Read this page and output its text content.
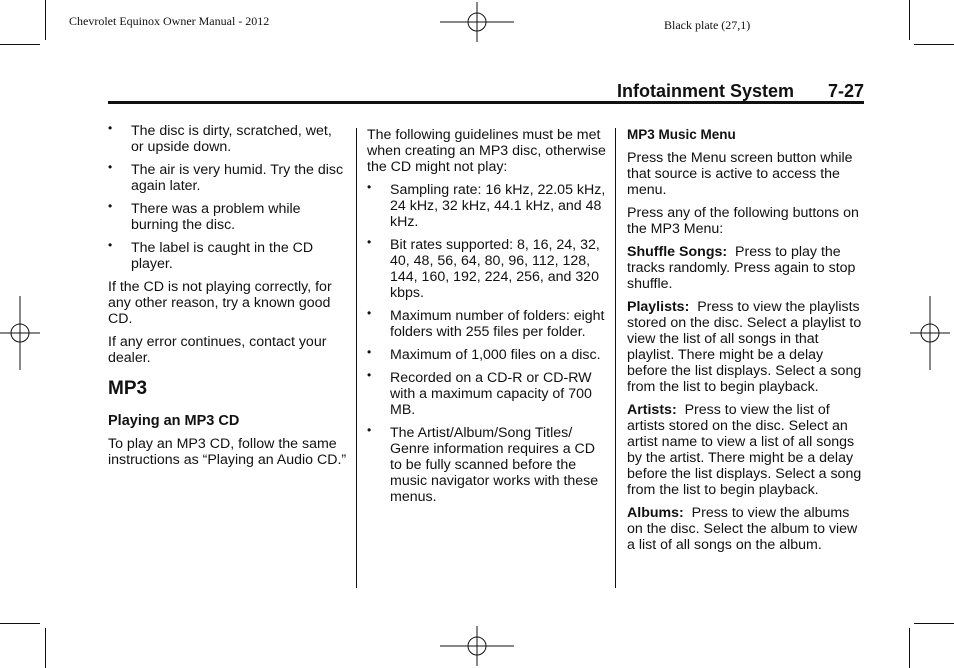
Chevrolet Equinox Owner Manual - 2012	Black plate (27,1)
Infotainment System 7-27
• The disc is dirty, scratched, wet, or upside down.
• The air is very humid. Try the disc again later.
• There was a problem while burning the disc.
• The label is caught in the CD player.

If the CD is not playing correctly, for any other reason, try a known good CD.

If any error continues, contact your dealer.

MP3
Playing an MP3 CD

To play an MP3 CD, follow the same instructions as “Playing an Audio CD.”

The following guidelines must be met when creating an MP3 disc, otherwise the CD might not play:

• Sampling rate: 16 kHz, 22.05 kHz, 24 kHz, 32 kHz, 44.1 kHz, and 48 kHz.
• Bit rates supported: 8, 16, 24, 32, 40, 48, 56, 64, 80, 96, 112, 128, 144, 160, 192, 224, 256, and 320 kbps.
• Maximum number of folders: eight folders with 255 files per folder.
• Maximum of 1,000 files on a disc.
• Recorded on a CD-R or CD-RW with a maximum capacity of 700 MB.
• The Artist/Album/Song Titles/ Genre information requires a CD to be fully scanned before the music navigator works with these menus.
MP3 Music Menu

Press the Menu screen button while that source is active to access the menu.

Press any of the following buttons on the MP3 Menu:

Shuffle Songs: Press to play the tracks randomly. Press again to stop shuffle.

Playlists: Press to view the playlists stored on the disc. Select a playlist to view the list of all songs in that playlist. There might be a delay before the list displays. Select a song from the list to begin playback.

Artists: Press to view the list of artists stored on the disc. Select an artist name to view a list of all songs by the artist. There might be a delay before the list displays. Select a song from the list to begin playback.

Albums: Press to view the albums on the disc. Select the album to view a list of all songs on the album.
